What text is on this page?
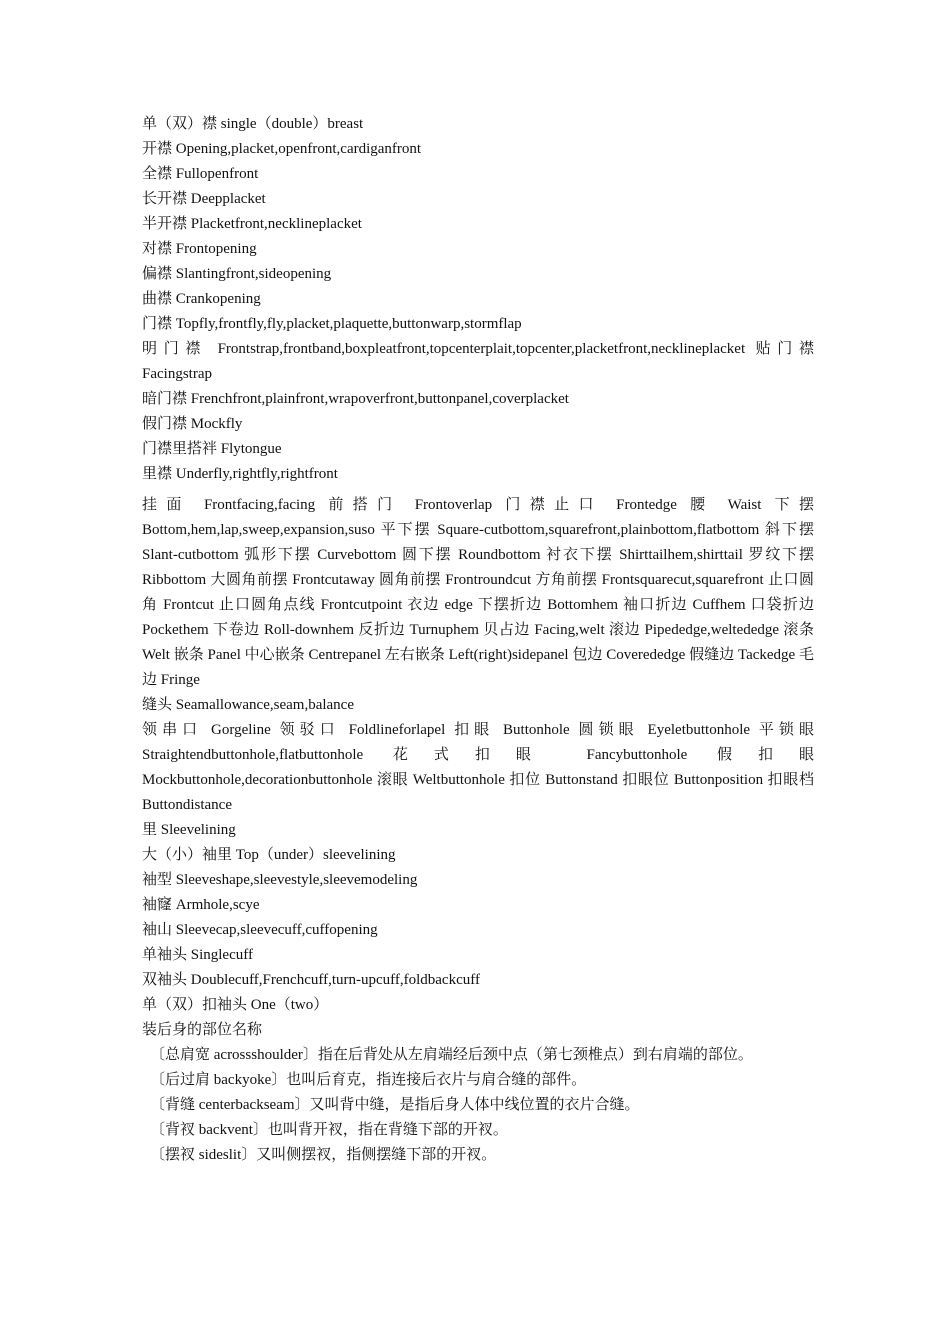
单（双）襟 single（double）breast
开襟 Opening,placket,openfront,cardiganfront
全襟 Fullopenfront
长开襟 Deepplacket
半开襟 Placketfront,necklineplacket
对襟 Frontopening
偏襟 Slantingfront,sideopening
曲襟 Crankopening
门襟 Topfly,frontfly,fly,placket,plaquette,buttonwarp,stormflap
明门襟 Frontstrap,frontband,boxpleatfront,topcenterplait,topcenter,placketfront,necklineplacket 贴门襟 Facingstrap
暗门襟 Frenchfront,plainfront,wrapoverfront,buttonpanel,coverplacket
假门襟 Mockfly
门襟里搭袢 Flytongue
里襟 Underfly,rightfly,rightfront
挂面 Frontfacing,facing 前搭门 Frontoverlap 门襟止口 Frontedge 腰 Waist 下摆 Bottom,hem,lap,sweep,expansion,suso 平下摆 Square-cutbottom,squarefront,plainbottom,flatbottom 斜下摆 Slant-cutbottom 弧形下摆 Curvebottom 圆下摆 Roundbottom 衬衣下摆 Shirttailhem,shirttail 罗纹下摆 Ribbottom 大圆角前摆 Frontcutaway 圆角前摆 Frontroundcut 方角前摆 Frontsquarecut,squarefront 止口圆角 Frontcut 止口圆角点线 Frontcutpoint 衣边 edge 下摆折边 Bottomhem 袖口折边 Cuffhem 口袋折边 Pockethem 下卷边 Roll-downhem 反折边 Turnuphem 贝占边 Facing,welt 滚边 Pipededge,weltededge 滚条 Welt 嵌条 Panel 中心嵌条 Centrepanel 左右嵌条 Left(right)sidepanel 包边 Coverededge 假缝边 Tackedge 毛边 Fringe
缝头 Seamallowance,seam,balance
领串口 Gorgeline 领驳口 Foldlineforlapel 扣眼 Buttonhole 圆锁眼 Eyeletbuttonhole 平锁眼 Straightendbuttonhole,flatbuttonhole 花式扣眼 Fancybuttonhole 假扣眼 Mockbuttonhole,decorationbuttonhole 滚眼 Weltbuttonhole 扣位 Buttonstand 扣眼位 Buttonposition 扣眼档 Buttondistance
里 Sleevelining
大（小）袖里 Top（under）sleevelining
袖型 Sleeveshape,sleevestyle,sleevemodeling
袖窿 Armhole,scye
袖山 Sleevecap,sleevecuff,cuffopening
单袖头 Singlecuff
双袖头 Doublecuff,Frenchcuff,turn-upcuff,foldbackcuff
单（双）扣袖头 One（two）
装后身的部位名称
〔总肩宽 acrossshoulder〕指在后背处从左肩端经后颈中点（第七颈椎点）到右肩端的部位。
〔后过肩 backyoke〕也叫后育克，指连接后衣片与肩合缝的部件。
〔背缝 centerbackseam〕又叫背中缝，是指后身人体中线位置的衣片合缝。
〔背衩 backvent〕也叫背开衩，指在背缝下部的开衩。
〔摆衩 sideslit〕又叫侧摆衩，指侧摆缝下部的开衩。
